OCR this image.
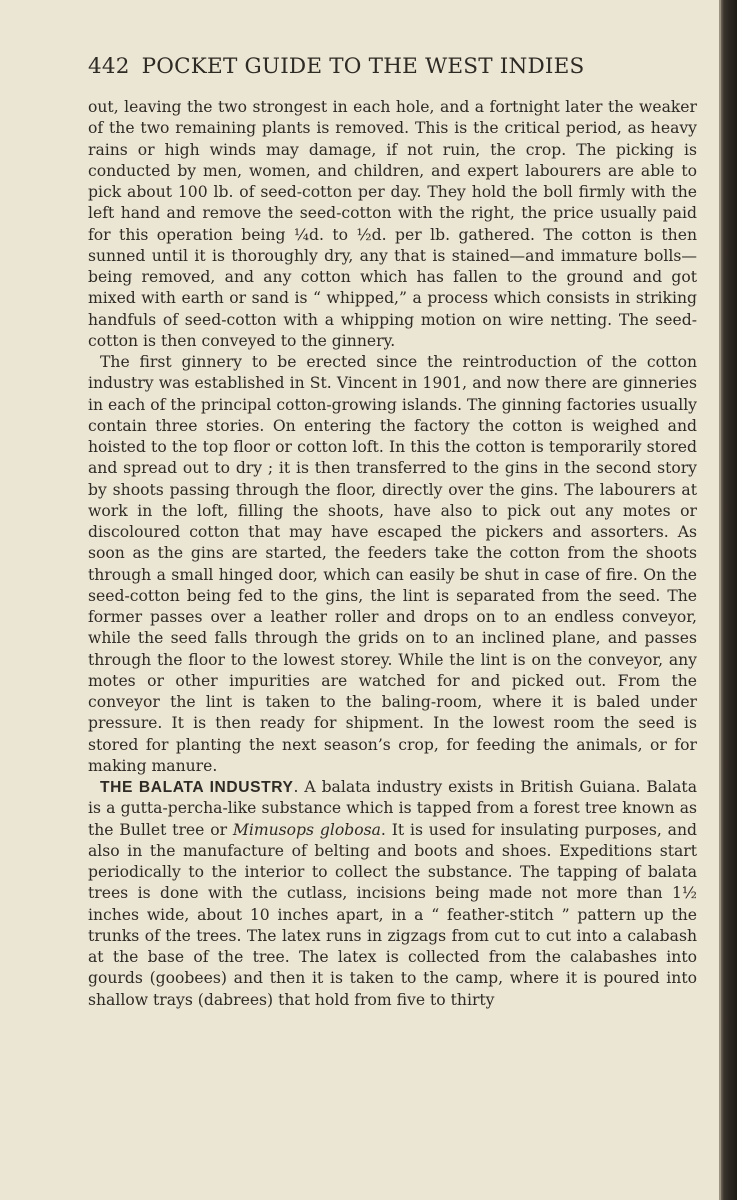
442 POCKET GUIDE TO THE WEST INDIES

out, leaving the two strongest in each hole, and a fortnight later the weaker of the two remaining plants is removed. This is the critical period, as heavy rains or high winds may damage, if not ruin, the crop. The picking is conducted by men, women, and children, and expert labourers are able to pick about 100 lb. of seed-cotton per day. They hold the boll firmly with the left hand and remove the seed-cotton with the right, the price usually paid for this operation being ¼d. to ½d. per lb. gathered. The cotton is then sunned until it is thoroughly dry, any that is stained—and immature bolls—being removed, and any cotton which has fallen to the ground and got mixed with earth or sand is “ whipped,” a process which consists in striking handfuls of seed-cotton with a whipping motion on wire netting. The seed-cotton is then conveyed to the ginnery.

The first ginnery to be erected since the reintroduction of the cotton industry was established in St. Vincent in 1901, and now there are ginneries in each of the principal cotton-growing islands. The ginning factories usually contain three stories. On entering the factory the cotton is weighed and hoisted to the top floor or cotton loft. In this the cotton is temporarily stored and spread out to dry ; it is then transferred to the gins in the second story by shoots passing through the floor, directly over the gins. The labourers at work in the loft, filling the shoots, have also to pick out any motes or discoloured cotton that may have escaped the pickers and assorters. As soon as the gins are started, the feeders take the cotton from the shoots through a small hinged door, which can easily be shut in case of fire. On the seed-cotton being fed to the gins, the lint is separated from the seed. The former passes over a leather roller and drops on to an endless conveyor, while the seed falls through the grids on to an inclined plane, and passes through the floor to the lowest storey. While the lint is on the conveyor, any motes or other impurities are watched for and picked out. From the conveyor the lint is taken to the baling-room, where it is baled under pressure. It is then ready for shipment. In the lowest room the seed is stored for planting the next season’s crop, for feeding the animals, or for making manure.

THE BALATA INDUSTRY. A balata industry exists in British Guiana. Balata is a gutta-percha-like substance which is tapped from a forest tree known as the Bullet tree or Mimusops globosa. It is used for insulating purposes, and also in the manufacture of belting and boots and shoes. Expeditions start periodically to the interior to collect the substance. The tapping of balata trees is done with the cutlass, incisions being made not more than 1½ inches wide, about 10 inches apart, in a “ feather-stitch ” pattern up the trunks of the trees. The latex runs in zigzags from cut to cut into a calabash at the base of the tree. The latex is collected from the calabashes into gourds (goobees) and then it is taken to the camp, where it is poured into shallow trays (dabrees) that hold from five to thirty
